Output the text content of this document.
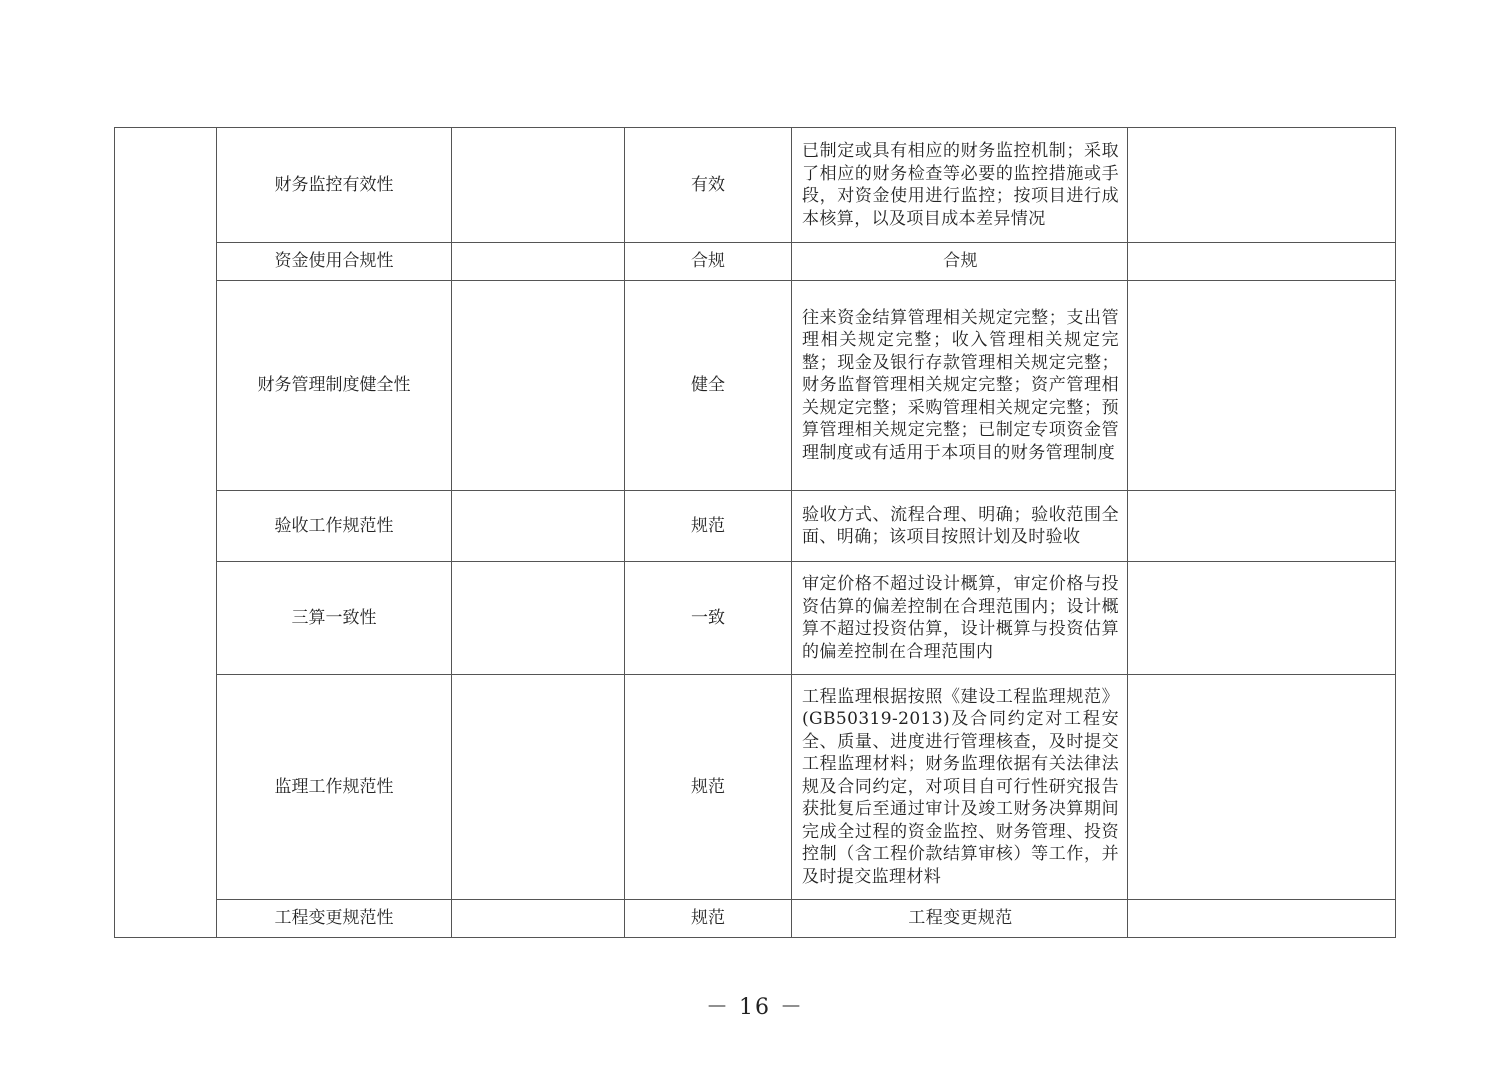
	财务监控有效性		有效	已制定或具有相应的财务监控机制；采取了相应的财务检查等必要的监控措施或手段，对资金使用进行监控；按项目进行成本核算，以及项目成本差异情况	
	资金使用合规性		合规	合规	
	财务管理制度健全性		健全	往来资金结算管理相关规定完整；支出管理相关规定完整；收入管理相关规定完整；现金及银行存款管理相关规定完整；财务监督管理相关规定完整；资产管理相关规定完整；采购管理相关规定完整；预算管理相关规定完整；已制定专项资金管理制度或有适用于本项目的财务管理制度	
	验收工作规范性		规范	验收方式、流程合理、明确；验收范围全面、明确；该项目按照计划及时验收	
	三算一致性		一致	审定价格不超过设计概算，审定价格与投资估算的偏差控制在合理范围内；设计概算不超过投资估算，设计概算与投资估算的偏差控制在合理范围内	
	监理工作规范性		规范	工程监理根据按照《建设工程监理规范》(GB50319-2013)及合同约定对工程安全、质量、进度进行管理核查，及时提交工程监理材料；财务监理依据有关法律法规及合同约定，对项目自可行性研究报告获批复后至通过审计及竣工财务决算期间完成全过程的资金监控、财务管理、投资控制（含工程价款结算审核）等工作，并及时提交监理材料	
	工程变更规范性		规范	工程变更规范	
－ 16 －
